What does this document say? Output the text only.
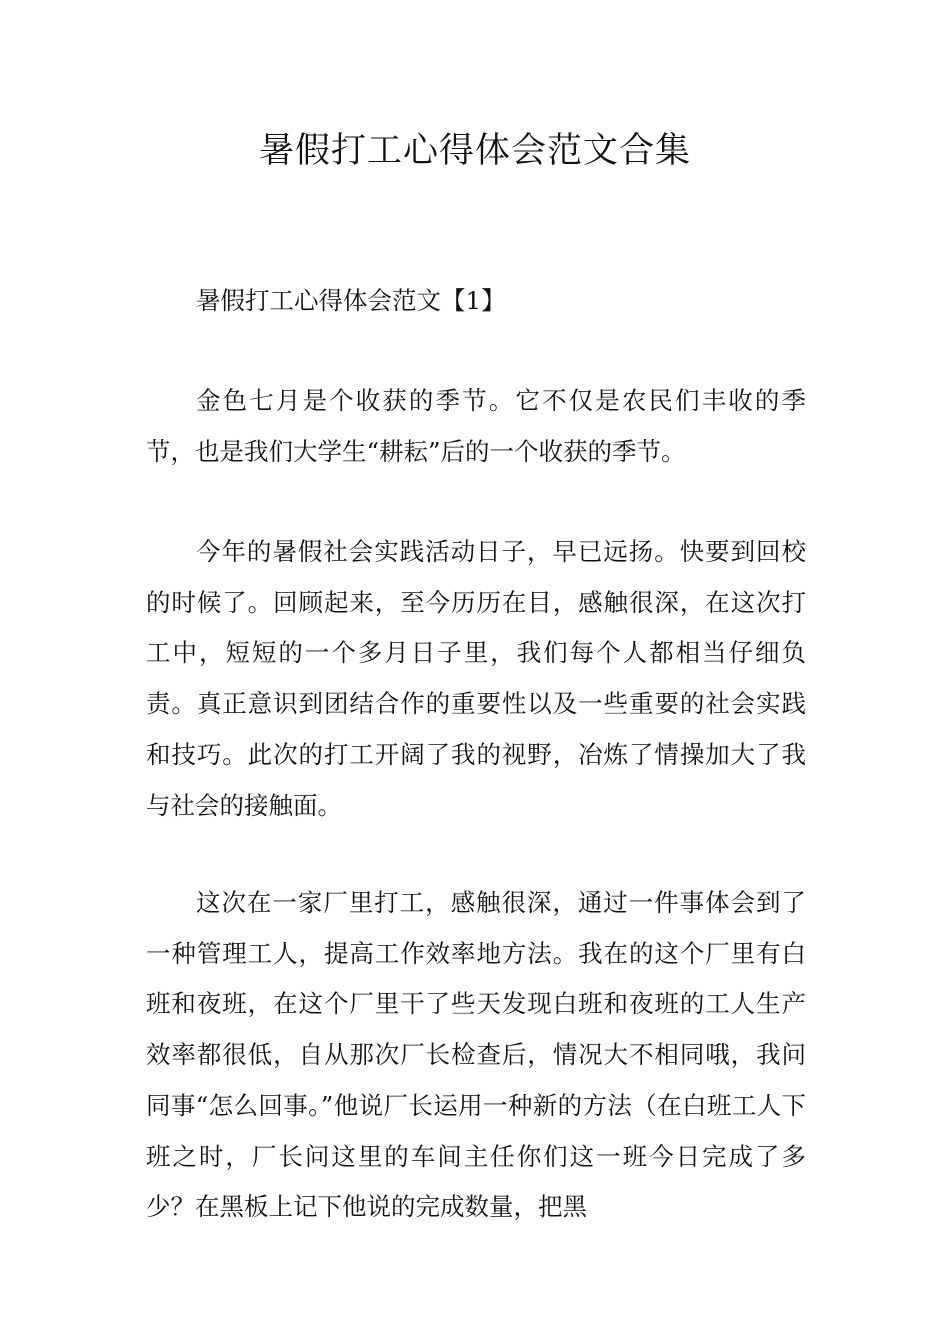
暑假打工心得体会范文合集

暑假打工心得体会范文【1】

金色七月是个收获的季节。它不仅是农民们丰收的季节，也是我们大学生“耕耘”后的一个收获的季节。

今年的暑假社会实践活动日子，早已远扬。快要到回校的时候了。回顾起来，至今历历在目，感触很深，在这次打工中，短短的一个多月日子里，我们每个人都相当仔细负责。真正意识到团结合作的重要性以及一些重要的社会实践和技巧。此次的打工开阔了我的视野，冶炼了情操加大了我与社会的接触面。

这次在一家厂里打工，感触很深，通过一件事体会到了一种管理工人，提高工作效率地方法。我在的这个厂里有白班和夜班，在这个厂里干了些天发现白班和夜班的工人生产效率都很低，自从那次厂长检查后，情况大不相同哦，我问同事“怎么回事。”他说厂长运用一种新的方法（在白班工人下班之时，厂长问这里的车间主任你们这一班今日完成了多少？在黑板上记下他说的完成数量，把黑
